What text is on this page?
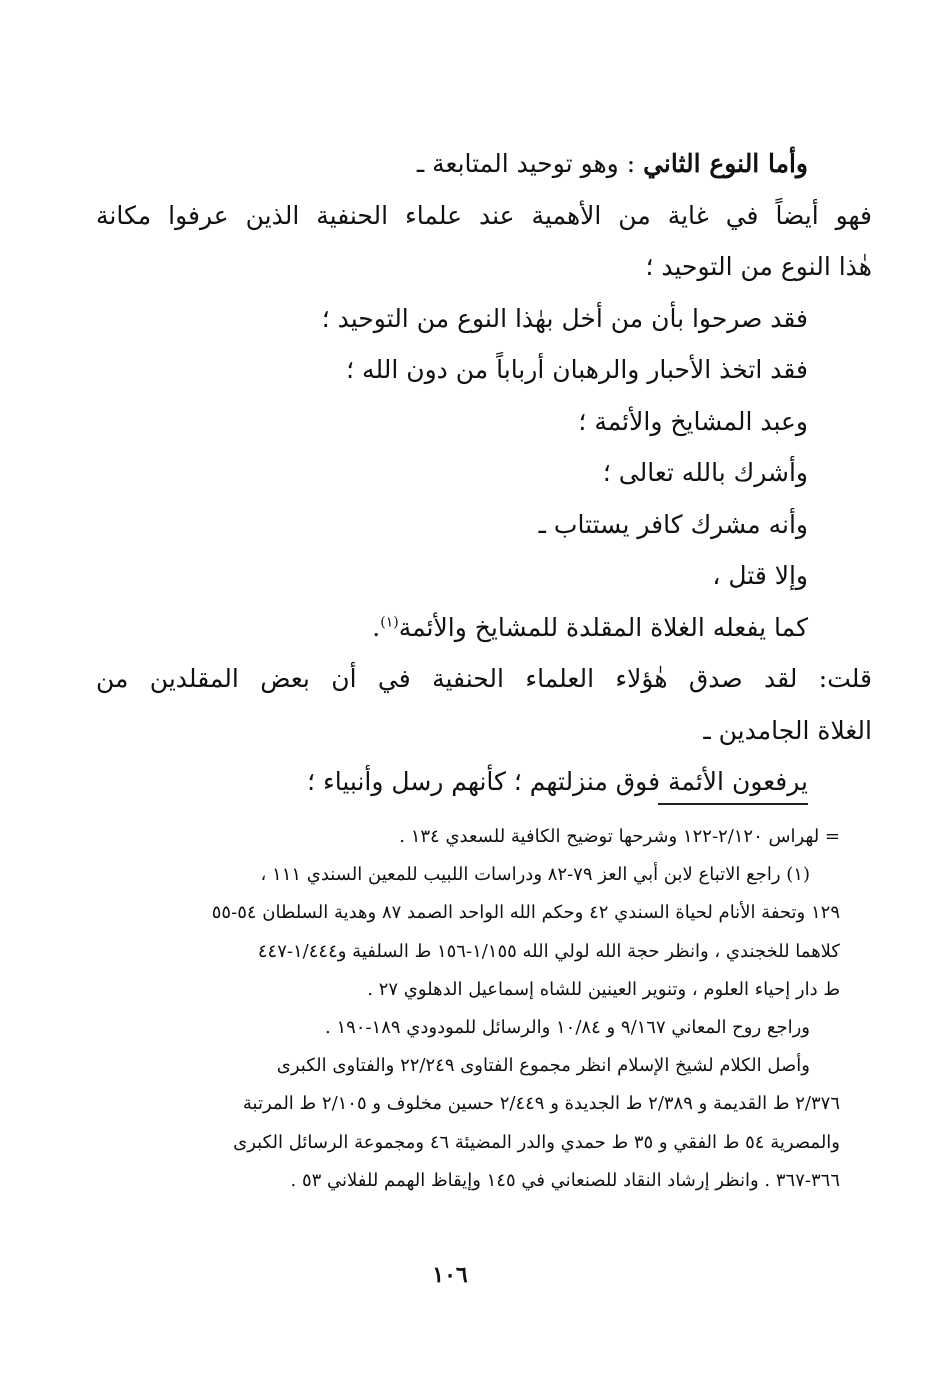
وأما النوع الثاني : وهو توحيد المتابعة ـ

فهو أيضاً في غاية من الأهمية عند علماء الحنفية الذين عرفوا مكانة

هٰذا النوع من التوحيد ؛

فقد صرحوا بأن من أخل بهٰذا النوع من التوحيد ؛

فقد اتخذ الأحبار والرهبان أرباباً من دون الله ؛

وعبد المشايخ والأئمة ؛

وأشرك بالله تعالى ؛

وأنه مشرك كافر يستتاب ـ

وإلا قتل ،

كما يفعله الغلاة المقلدة للمشايخ والأئمة$^{(١)}$.

قلت: لقد صدق هٰؤلاء العلماء الحنفية في أن بعض المقلدين من

الغلاة الجامدين ـ

يرفعون الأئمة فوق منزلتهم ؛ كأنهم رسل وأنبياء ؛

= لهراس ٢/١٢٠-١٢٢ وشرحها توضيح الكافية للسعدي ١٣٤ .

(١) راجع الاتباع لابن أبي العز ٧٩-٨٢ ودراسات اللبيب للمعين السندي ١١١ ،

١٢٩ وتحفة الأنام لحياة السندي ٤٢ وحكم الله الواحد الصمد ٨٧ وهدية السلطان ٥٤-٥٥

كلاهما للخجندي ، وانظر حجة الله لولي الله ١/١٥٥-١٥٦ ط السلفية و١/٤٤٤-٤٤٧

ط دار إحياء العلوم ، وتنوير العينين للشاه إسماعيل الدهلوي ٢٧ .

وراجع روح المعاني ٩/١٦٧ و ١٠/٨٤ والرسائل للمودودي ١٨٩-١٩٠ .

وأصل الكلام لشيخ الإسلام انظر مجموع الفتاوى ٢٢/٢٤٩ والفتاوى الكبرى

٢/٣٧٦ ط القديمة و ٢/٣٨٩ ط الجديدة و ٢/٤٤٩ حسين مخلوف و ٢/١٠٥ ط المرتبة

والمصرية ٥٤ ط الفقي و ٣٥ ط حمدي والدر المضيئة ٤٦ ومجموعة الرسائل الكبرى

٣٦٦-٣٦٧ . وانظر إرشاد النقاد للصنعاني في ١٤٥ وإيقاظ الهمم للفلاني ٥٣ .

١٠٦
